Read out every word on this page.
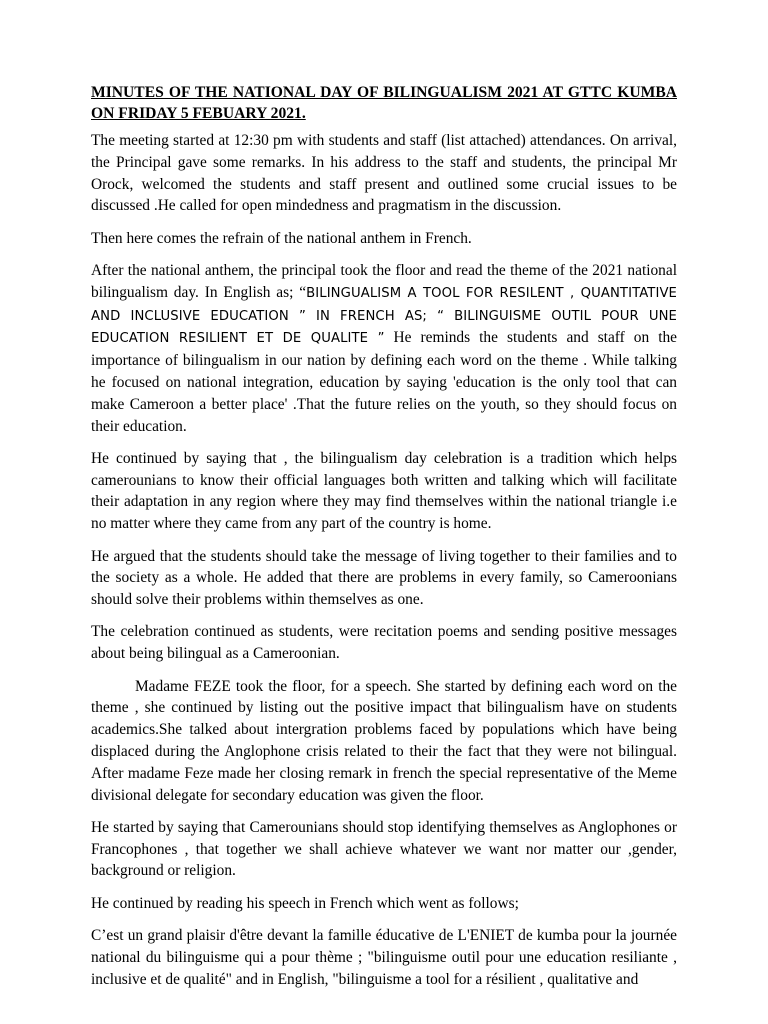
MINUTES OF THE NATIONAL DAY OF BILINGUALISM 2021 AT GTTC KUMBA ON FRIDAY 5 FEBUARY 2021.

The meeting started at 12:30 pm with students and staff (list attached) attendances. On arrival, the Principal gave some remarks. In his address to the staff and students, the principal Mr Orock, welcomed the students and staff present and outlined some crucial issues to be discussed .He called for open mindedness and pragmatism in the discussion.

Then here comes the refrain of the national anthem in French.

After the national anthem, the principal took the floor and read the theme of the 2021 national bilingualism day. In English as; “BILINGUALISM A TOOL FOR RESILENT , QUANTITATIVE AND INCLUSIVE EDUCATION ” IN FRENCH AS; “ BILINGUISME OUTIL POUR UNE EDUCATION RESILIENT ET DE QUALITE ” He reminds the students and staff on the importance of bilingualism in our nation by defining each word on the theme . While talking he focused on national integration, education by saying 'education is the only tool that can make Cameroon a better place' .That the future relies on the youth, so they should focus on their education.

He continued by saying that , the bilingualism day celebration is a tradition which helps camerounians to know their official languages both written and talking which will facilitate their adaptation in any region where they may find themselves within the national triangle i.e no matter where they came from any part of the country is home.

He argued that the students should take the message of living together to their families and to the society as a whole. He added that there are problems in every family, so Cameroonians should solve their problems within themselves as one.

The celebration continued as students, were recitation poems and sending positive messages about being bilingual as a Cameroonian.

Madame FEZE took the floor, for a speech. She started by defining each word on the theme , she continued by listing out the positive impact that bilingualism have on students academics.She talked about intergration problems faced by populations which have being displaced during the Anglophone crisis related to their the fact that they were not bilingual. After madame Feze made her closing remark in french the special representative of the Meme divisional delegate for secondary education was given the floor.

He started by saying that Camerounians should stop identifying themselves as Anglophones or Francophones , that together we shall achieve whatever we want nor matter our ,gender, background or religion.

He continued by reading his speech in French which went as follows;

C’est un grand plaisir d'être devant la famille éducative de L'ENIET de kumba pour la journée national du bilinguisme qui a pour thème ; "bilinguisme outil pour une education resiliante , inclusive et de qualité" and in English, "bilinguisme a tool for a résilient , qualitative and
